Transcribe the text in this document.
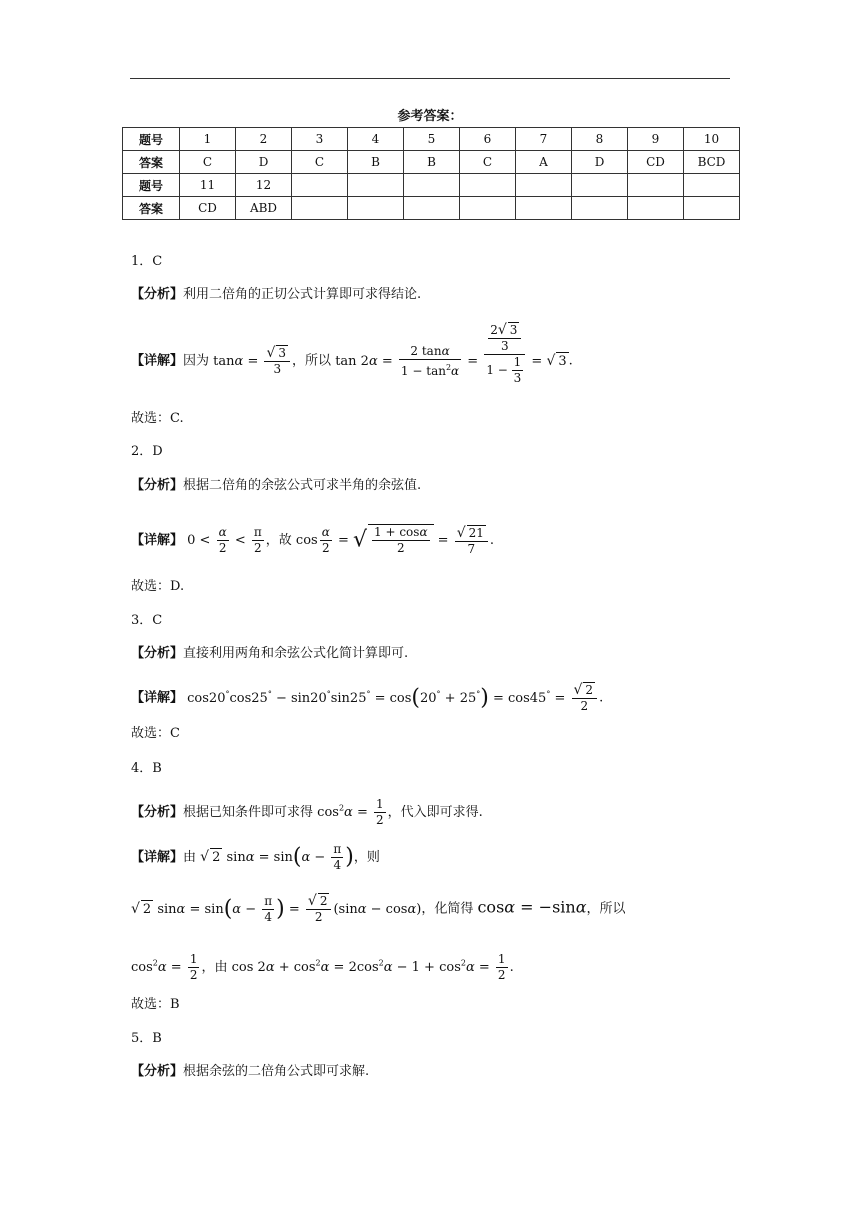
参考答案：
题号	1	2	3	4	5	6	7	8	9	10
答案	C	D	C	B	B	C	A	D	CD	BCD
题号	11	12								
答案	CD	ABD								
1．C
【分析】利用二倍角的正切公式计算即可求得结论.
【详解】因为 $\tan\alpha = \frac{√ 3}{3}$ ，所以 $\tan 2\alpha = \frac{2 \tan\alpha}{1 - \tan^2\alpha} = \frac{\frac{2√ 3}{3}}{1 - \frac{1}{3}}$ = √ 3 .
故选：C.
2．D
【分析】根据二倍角的余弦公式可求半角的余弦值.
【详解】 $0 < \frac{\alpha}{2} < \frac{\pi}{2}$ ，故 $\cos \frac{\alpha}{2}$ = √ $\frac{1 + \cos\alpha}{2} = \frac{√ 21}{7}$ .
故选：D.
3．C
【分析】直接利用两角和余弦公式化简计算即可.
【详解】 $\cos 20^\circ\cos 25^\circ - \sin 20^\circ\sin 25^\circ = \cos(20^\circ + 25^\circ) = \cos 45^\circ = \frac{√ 2}{2}$ .
故选：C
4．B
【分析】根据已知条件即可求得 $\cos^2\alpha = \frac{1}{2}$ ，代入即可求得.
【详解】由 √ 2 $\sin\alpha = \sin(\alpha - \frac{\pi}{4}$ )，则
√ 2 $\sin\alpha = \sin(\alpha - \frac{\pi}{4}$ ) = $\frac{√ 2}{2} (\sin\alpha - \cos\alpha)$，化简得 cosα = −sinα，所以
$\cos^2\alpha = \frac{1}{2}$ ，由 $\cos 2\alpha + \cos^2\alpha = 2\cos^2\alpha - 1 + \cos^2\alpha = \frac{1}{2}$ .
故选：B
5．B
【分析】根据余弦的二倍角公式即可求解.
